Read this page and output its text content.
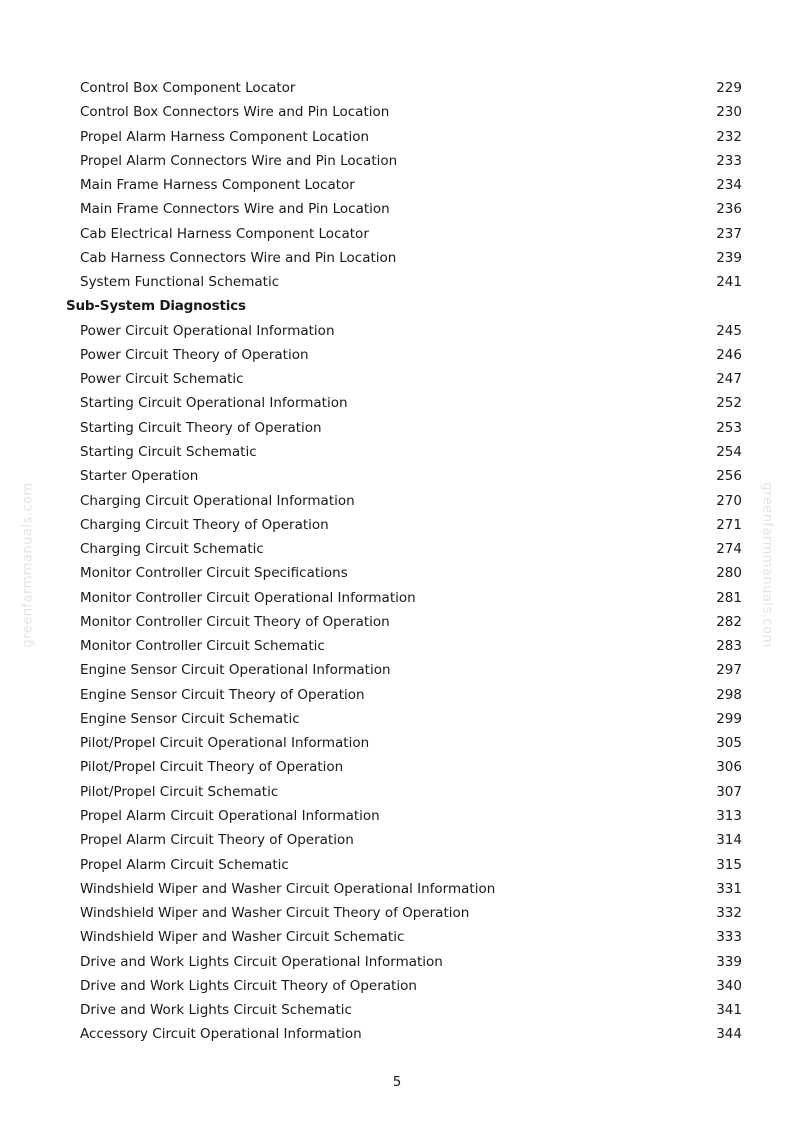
greenfarmmanuals.com	greenfarmmanuals.com
Control Box Component Locator	229
Control Box Connectors Wire and Pin Location	230
Propel Alarm Harness Component Location	232
Propel Alarm Connectors Wire and Pin Location	233
Main Frame Harness Component Locator	234
Main Frame Connectors Wire and Pin Location	236
Cab Electrical Harness Component Locator	237
Cab Harness Connectors Wire and Pin Location	239
System Functional Schematic	241
Sub-System Diagnostics
Power Circuit Operational Information	245
Power Circuit Theory of Operation	246
Power Circuit Schematic	247
Starting Circuit Operational Information	252
Starting Circuit Theory of Operation	253
Starting Circuit Schematic	254
Starter Operation	256
Charging Circuit Operational Information	270
Charging Circuit Theory of Operation	271
Charging Circuit Schematic	274
Monitor Controller Circuit Specifications	280
Monitor Controller Circuit Operational Information	281
Monitor Controller Circuit Theory of Operation	282
Monitor Controller Circuit Schematic	283
Engine Sensor Circuit Operational Information	297
Engine Sensor Circuit Theory of Operation	298
Engine Sensor Circuit Schematic	299
Pilot/Propel Circuit Operational Information	305
Pilot/Propel Circuit Theory of Operation	306
Pilot/Propel Circuit Schematic	307
Propel Alarm Circuit Operational Information	313
Propel Alarm Circuit Theory of Operation	314
Propel Alarm Circuit Schematic	315
Windshield Wiper and Washer Circuit Operational Information	331
Windshield Wiper and Washer Circuit Theory of Operation	332
Windshield Wiper and Washer Circuit Schematic	333
Drive and Work Lights Circuit Operational Information	339
Drive and Work Lights Circuit Theory of Operation	340
Drive and Work Lights Circuit Schematic	341
Accessory Circuit Operational Information	344
5
